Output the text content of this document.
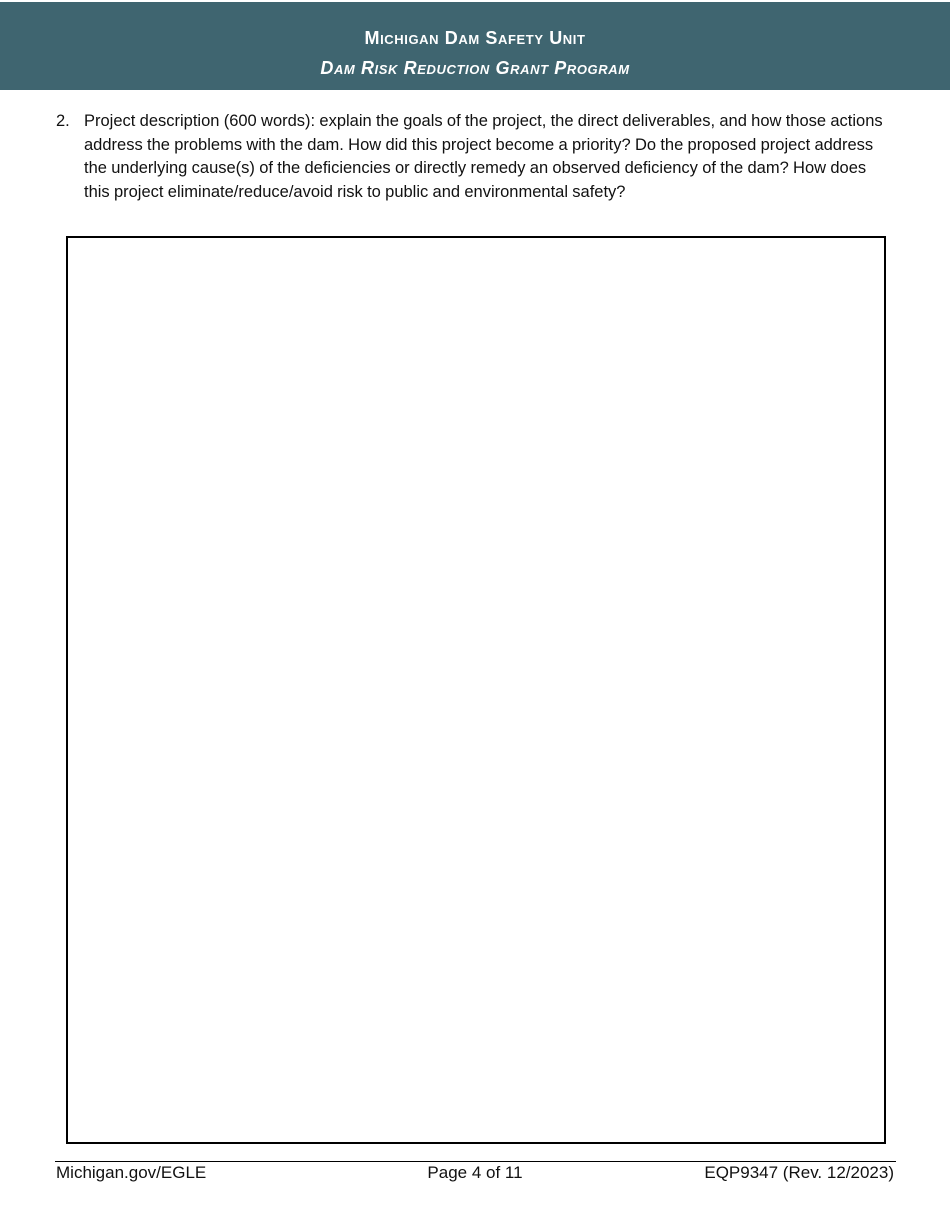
Michigan Dam Safety Unit
Dam Risk Reduction Grant Program
2. Project description (600 words): explain the goals of the project, the direct deliverables, and how those actions address the problems with the dam. How did this project become a priority? Do the proposed project address the underlying cause(s) of the deficiencies or directly remedy an observed deficiency of the dam? How does this project eliminate/reduce/avoid risk to public and environmental safety?
Michigan.gov/EGLE	Page 4 of 11	EQP9347 (Rev. 12/2023)
